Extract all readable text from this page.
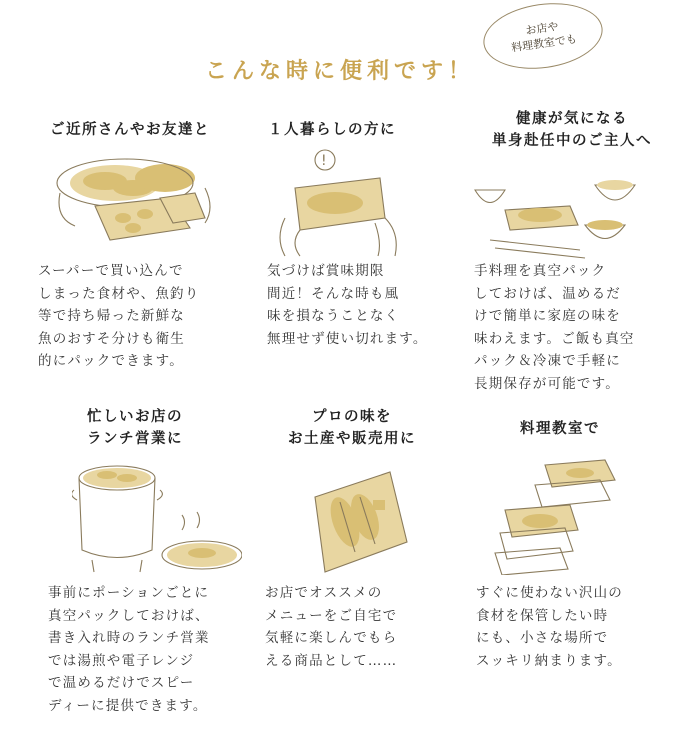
お店や
料理教室でも
こんな時に便利です！
ご近所さんやお友達と
スーパーで買い込んで
しまった食材や、魚釣り
等で持ち帰った新鮮な
魚のおすそ分けも衛生
的にパックできます。
１人暮らしの方に
!
気づけば賞味期限
間近！そんな時も風
味を損なうことなく
無理せず使い切れます。
健康が気になる
単身赴任中のご主人へ
手料理を真空パック
しておけば、温めるだ
けで簡単に家庭の味を
味わえます。ご飯も真空
パック＆冷凍で手軽に
長期保存が可能です。
忙しいお店の
ランチ営業に
事前にポーションごとに
真空パックしておけば、
書き入れ時のランチ営業
では湯煎や電子レンジ
で温めるだけでスピー
ディーに提供できます。
プロの味を
お土産や販売用に
お店でオススメの
メニューをご自宅で
気軽に楽しんでもら
える商品として……
料理教室で
すぐに使わない沢山の
食材を保管したい時
にも、小さな場所で
スッキリ納まります。
